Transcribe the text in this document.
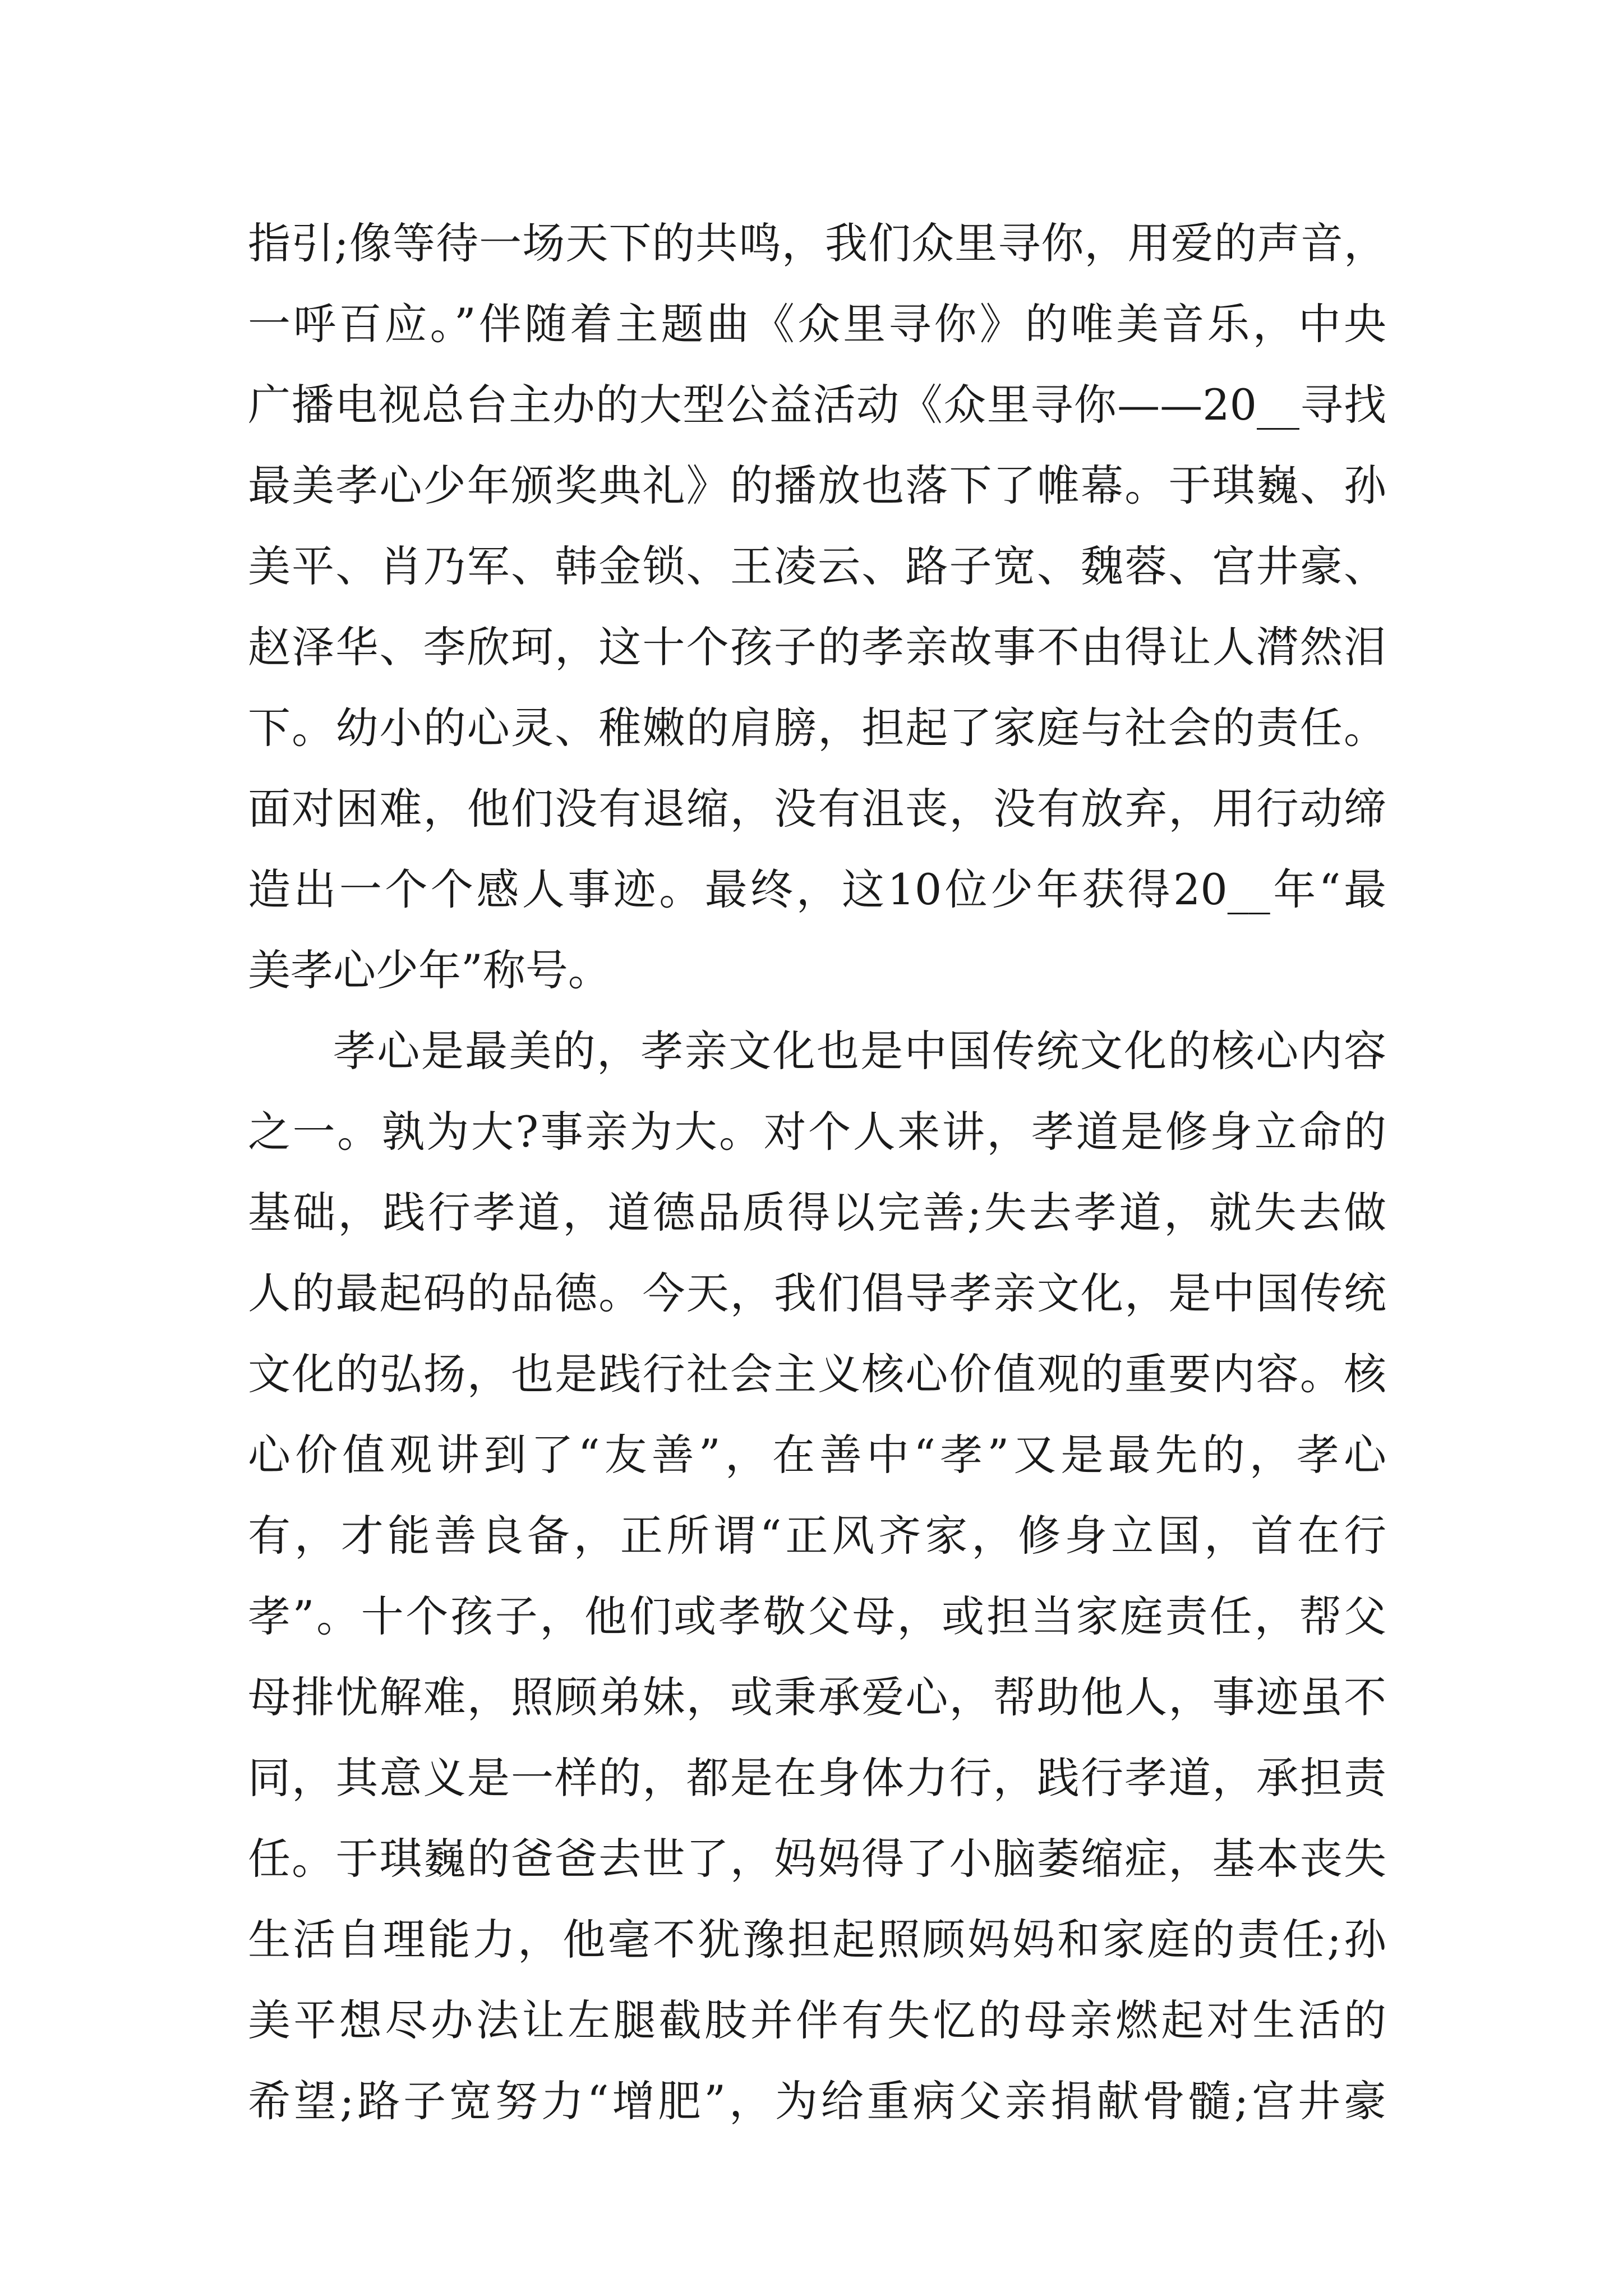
指引;像等待一场天下的共鸣，我们众里寻你，用爱的声音，
一呼百应。”伴随着主题曲《众里寻你》的唯美音乐，中央
广播电视总台主办的大型公益活动《众里寻你——20__寻找
最美孝心少年颁奖典礼》的播放也落下了帷幕。于琪巍、孙
美平、肖乃军、韩金锁、王凌云、路子宽、魏蓉、宫井豪、
赵泽华、李欣珂，这十个孩子的孝亲故事不由得让人潸然泪
下。幼小的心灵、稚嫩的肩膀，担起了家庭与社会的责任。
面对困难，他们没有退缩，没有沮丧，没有放弃，用行动缔
造出一个个感人事迹。最终，这10位少年获得20__年“最
美孝心少年”称号。
孝心是最美的，孝亲文化也是中国传统文化的核心内容
之一。孰为大?事亲为大。对个人来讲，孝道是修身立命的
基础，践行孝道，道德品质得以完善;失去孝道，就失去做
人的最起码的品德。今天，我们倡导孝亲文化，是中国传统
文化的弘扬，也是践行社会主义核心价值观的重要内容。核
心价值观讲到了“友善”，在善中“孝”又是最先的，孝心
有，才能善良备，正所谓“正风齐家，修身立国，首在行
孝”。十个孩子，他们或孝敬父母，或担当家庭责任，帮父
母排忧解难，照顾弟妹，或秉承爱心，帮助他人，事迹虽不
同，其意义是一样的，都是在身体力行，践行孝道，承担责
任。于琪巍的爸爸去世了，妈妈得了小脑萎缩症，基本丧失
生活自理能力，他毫不犹豫担起照顾妈妈和家庭的责任;孙
美平想尽办法让左腿截肢并伴有失忆的母亲燃起对生活的
希望;路子宽努力“增肥”，为给重病父亲捐献骨髓;宫井豪
